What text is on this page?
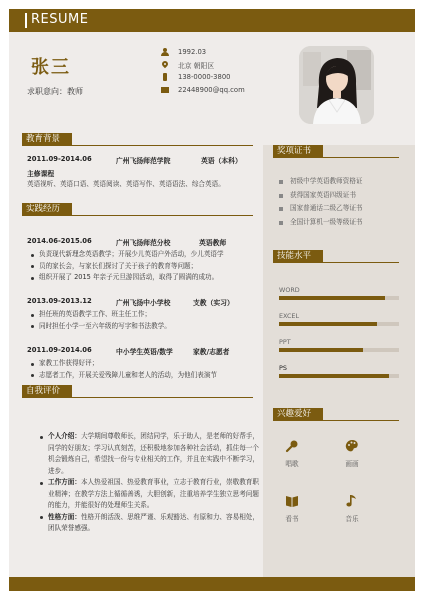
RESUME
张三
求职意向：教师
1992.03
北京 朝阳区
138-0000-3800
22448900@qq.com
教育背景
2011.09-2014.06	广州飞扬师范学院	英语（本科）
主修课程
英语视听、英语口语、英语阅读、英语写作、英语语法、综合英语。
实践经历
2014.06-2015.06	广州飞扬师范分校	英语教师
负责现代新理念英语教学；开展少儿英语户外活动，少儿英语学
员的家长会，与家长们探讨了关于孩子的教育等问题；
组织开展了 2015 年亲子元旦游园活动，取得了圆满的成功。
2013.09-2013.12	广州飞扬中小学校	支教（实习）
担任班的英语教学工作、班主任工作；
同时担任小学一至六年级的写字和书法教学。
2011.09-2014.06	中小学生英语/数学	家教/志愿者
家教工作获得好评；
志愿者工作，开展关爱残障儿童和老人的活动，为他们表演节
自我评价
个人介绍：大学期间尊敬师长，团结同学，乐于助人，是老师的好帮手，同学的好朋友；学习认真刻苦，还积极地参加各种社会活动，抓住每一个机会锻炼自己，希望找一份与专业相关的工作，并且在实践中不断学习，进步。
工作方面：本人热爱祖国、热爱教育事业，立志于教育行业，崇敬教育职业精神；在教学方法上循循善诱，大胆创新，注重培养学生独立思考问题的能力，并能很好的处理师生关系。
性格方面：性格开朗活泼、思维严谨、乐观豁达、有原和力、容易相处，团队荣誉感强。
奖项证书
初级中学英语教师资格证
获得国家英语四级证书
国家普通话二级乙等证书
全国计算机一级等级证书
技能水平
WORD
EXCEL
PPT
PS
兴趣爱好
唱歌	画画
看书	音乐
